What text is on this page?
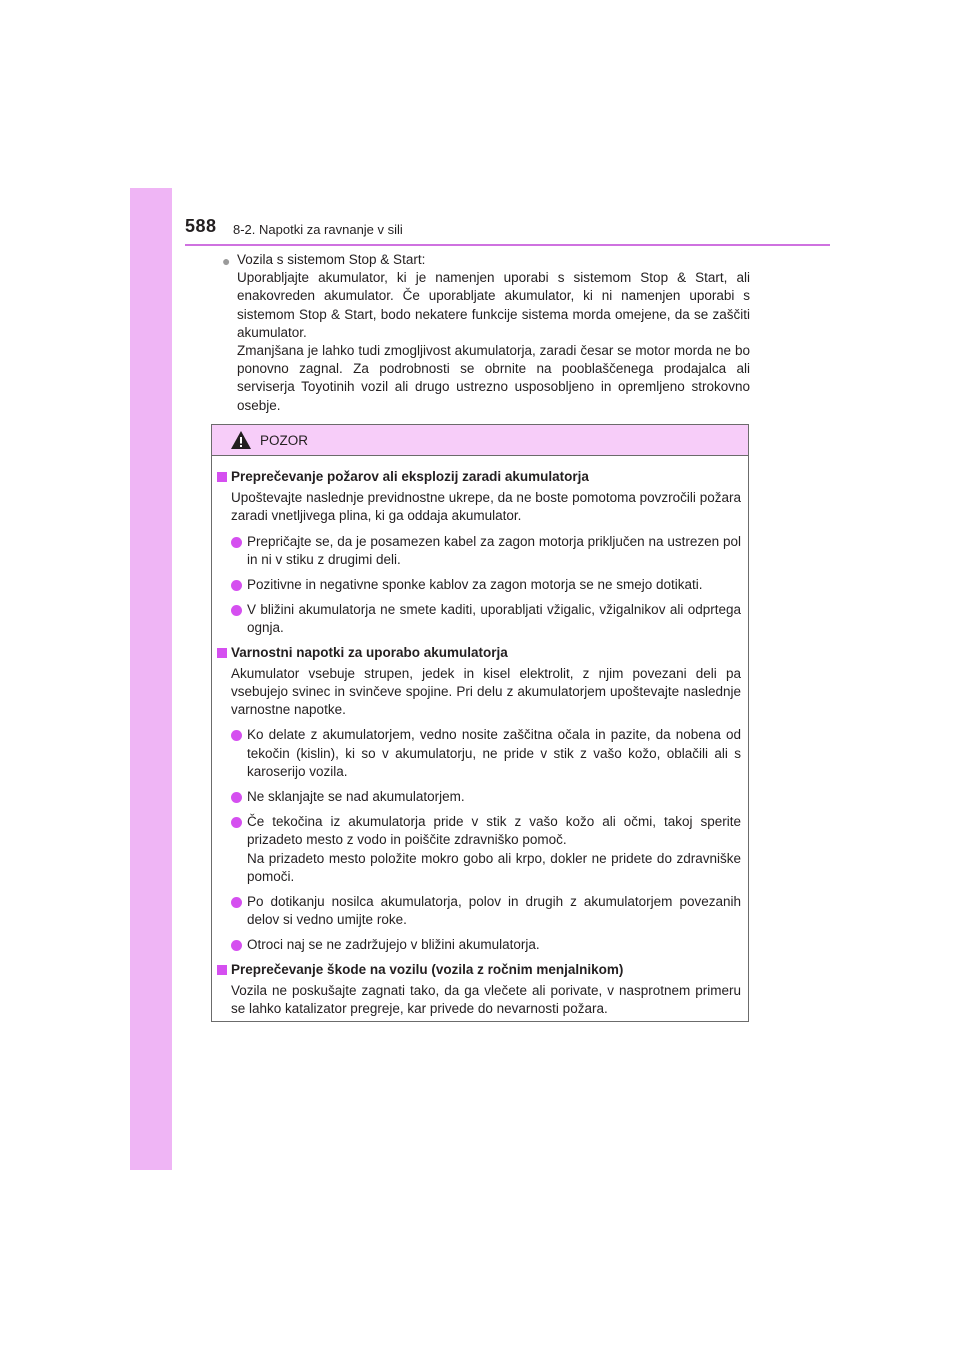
588 8-2. Napotki za ravnanje v sili
● Vozila s sistemom Stop & Start:

Uporabljajte akumulator, ki je namenjen uporabi s sistemom Stop & Start, ali enakovreden akumulator. Če uporabljate akumulator, ki ni namenjen uporabi s sistemom Stop & Start, bodo nekatere funkcije sistema morda omejene, da se zaščiti akumulator.

Zmanjšana je lahko tudi zmogljivost akumulatorja, zaradi česar se motor morda ne bo ponovno zagnal. Za podrobnosti se obrnite na pooblaščenega prodajalca ali serviserja Toyotinih vozil ali drugo ustrezno usposobljeno in opremljeno strokovno osebje.

POZOR
Preprečevanje požarov ali eksplozij zaradi akumulatorja
Upoštevajte naslednje previdnostne ukrepe, da ne boste pomotoma povzročili požara zaradi vnetljivega plina, ki ga oddaja akumulator.

Prepričajte se, da je posamezen kabel za zagon motorja priključen na ustrezen pol in ni v stiku z drugimi deli.

Pozitivne in negativne sponke kablov za zagon motorja se ne smejo dotikati.

V bližini akumulatorja ne smete kaditi, uporabljati vžigalic, vžigalnikov ali odprtega ognja.

Varnostni napotki za uporabo akumulatorja
Akumulator vsebuje strupen, jedek in kisel elektrolit, z njim povezani deli pa vsebujejo svinec in svinčeve spojine. Pri delu z akumulatorjem upoštevajte naslednje varnostne napotke.

Ko delate z akumulatorjem, vedno nosite zaščitna očala in pazite, da nobena od tekočin (kislin), ki so v akumulatorju, ne pride v stik z vašo kožo, oblačili ali s karoserijo vozila.

Ne sklanjajte se nad akumulatorjem.

Če tekočina iz akumulatorja pride v stik z vašo kožo ali očmi, takoj sperite prizadeto mesto z vodo in poiščite zdravniško pomoč.

Na prizadeto mesto položite mokro gobo ali krpo, dokler ne pridete do zdravniške pomoči.

Po dotikanju nosilca akumulatorja, polov in drugih z akumulatorjem povezanih delov si vedno umijte roke.

Otroci naj se ne zadržujejo v bližini akumulatorja.

Preprečevanje škode na vozilu (vozila z ročnim menjalnikom)
Vozila ne poskušajte zagnati tako, da ga vlečete ali porivate, v nasprotnem primeru se lahko katalizator pregreje, kar privede do nevarnosti požara.
